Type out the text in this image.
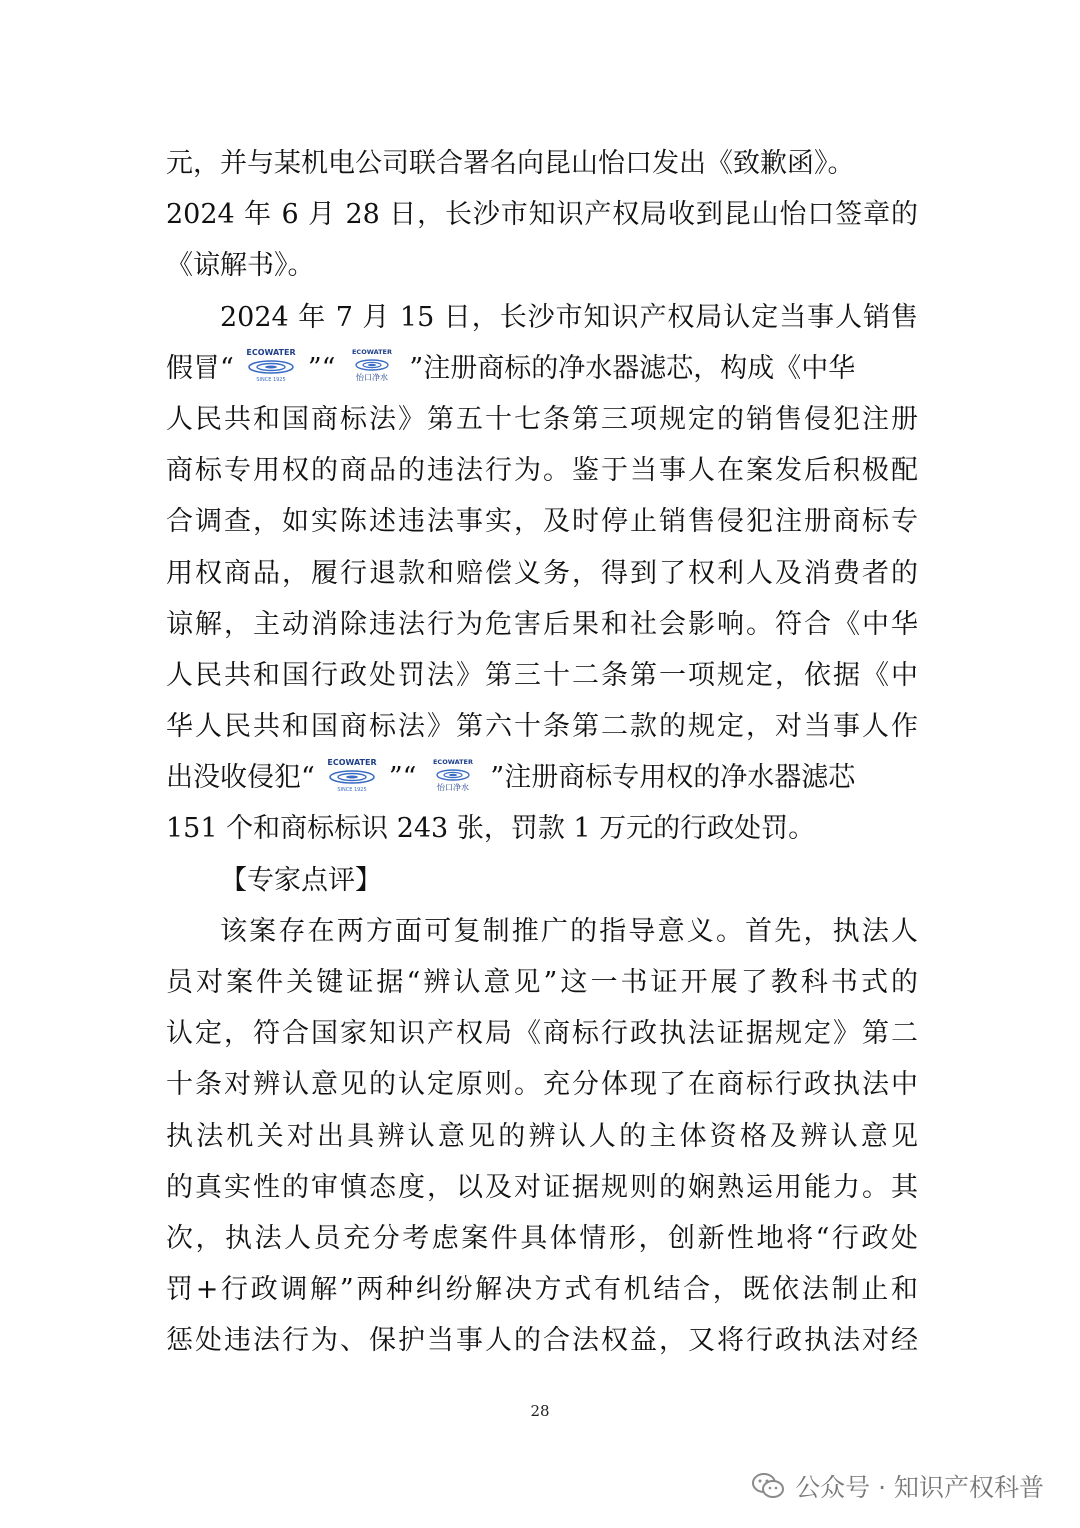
元，并与某机电公司联合署名向昆山怡口发出《致歉函》。
2024 年 6 月 28 日，长沙市知识产权局收到昆山怡口签章的
《谅解书》。
2024 年 7 月 15 日，长沙市知识产权局认定当事人销售
假冒“ ECOWATER
SINCE 1925 ”“
ECOWATER
怡口净水 ”注册商标的净水器滤芯，构成《中华
人民共和国商标法》第五十七条第三项规定的销售侵犯注册
商标专用权的商品的违法行为。鉴于当事人在案发后积极配
合调查，如实陈述违法事实，及时停止销售侵犯注册商标专
用权商品，履行退款和赔偿义务，得到了权利人及消费者的
谅解，主动消除违法行为危害后果和社会影响。符合《中华
人民共和国行政处罚法》第三十二条第一项规定，依据《中
华人民共和国商标法》第六十条第二款的规定，对当事人作
出没收侵犯“ ECOWATER
SINCE 1925 ”“
ECOWATER
怡口净水 ”注册商标专用权的净水器滤芯
151 个和商标标识 243 张，罚款 1 万元的行政处罚。
【专家点评】
该案存在两方面可复制推广的指导意义。首先，执法人
员对案件关键证据“辨认意见”这一书证开展了教科书式的
认定，符合国家知识产权局《商标行政执法证据规定》第二
十条对辨认意见的认定原则。充分体现了在商标行政执法中
执法机关对出具辨认意见的辨认人的主体资格及辨认意见
的真实性的审慎态度，以及对证据规则的娴熟运用能力。其
次，执法人员充分考虑案件具体情形，创新性地将“行政处
罚+行政调解”两种纠纷解决方式有机结合，既依法制止和
惩处违法行为、保护当事人的合法权益，又将行政执法对经
28
公众号 · 知识产权科普
